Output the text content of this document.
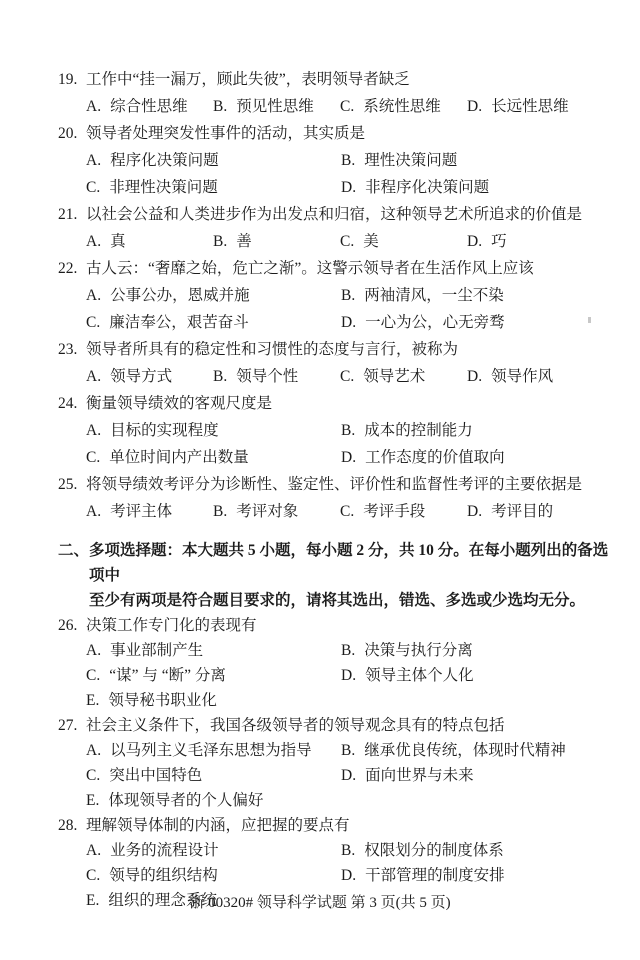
19. 工作中“挂一漏万，顾此失彼”，表明领导者缺乏
A. 综合性思维	B. 预见性思维	C. 系统性思维	D. 长远性思维
20. 领导者处理突发性事件的活动，其实质是
A. 程序化决策问题	B. 理性决策问题
C. 非理性决策问题	D. 非程序化决策问题
21. 以社会公益和人类进步作为出发点和归宿，这种领导艺术所追求的价值是
A. 真	B. 善	C. 美	D. 巧
22. 古人云：“奢靡之始，危亡之渐”。这警示领导者在生活作风上应该
A. 公事公办，恩威并施	B. 两袖清风，一尘不染
C. 廉洁奉公，艰苦奋斗	D. 一心为公，心无旁骛
23. 领导者所具有的稳定性和习惯性的态度与言行，被称为
A. 领导方式	B. 领导个性	C. 领导艺术	D. 领导作风
24. 衡量领导绩效的客观尺度是
A. 目标的实现程度	B. 成本的控制能力
C. 单位时间内产出数量	D. 工作态度的价值取向
25. 将领导绩效考评分为诊断性、鉴定性、评价性和监督性考评的主要依据是
A. 考评主体	B. 考评对象	C. 考评手段	D. 考评目的
二、 多项选择题：本大题共 5 小题，每小题 2 分，共 10 分。在每小题列出的备选项中
至少有两项是符合题目要求的，请将其选出，错选、多选或少选均无分。
26. 决策工作专门化的表现有
A. 事业部制产生	B. 决策与执行分离
C. “谋” 与 “断” 分离	D. 领导主体个人化
E. 领导秘书职业化
27. 社会主义条件下，我国各级领导者的领导观念具有的特点包括
A. 以马列主义毛泽东思想为指导	B. 继承优良传统，体现时代精神
C. 突出中国特色	D. 面向世界与未来
E. 体现领导者的个人偏好
28. 理解领导体制的内涵，应把握的要点有
A. 业务的流程设计	B. 权限划分的制度体系
C. 领导的组织结构	D. 干部管理的制度安排
E. 组织的理念系统
浙 00320# 领导科学试题 第 3 页(共 5 页)
